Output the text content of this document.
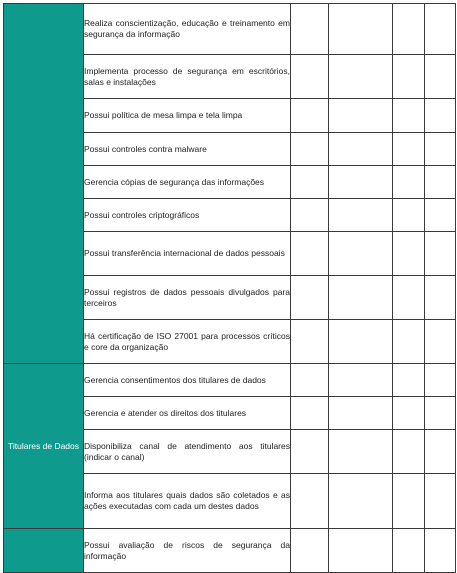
	Realiza conscientização, educação e treinamento em segurança da informação				
	Implementa processo de segurança em escritórios, salas e instalações				
	Possui política de mesa limpa e tela limpa				
	Possui controles contra malware				
	Gerencia cópias de segurança das informações				
	Possui controles criptográficos				
	Possui transferência internacional de dados pessoais				
	Possui registros de dados pessoais divulgados para terceiros				
	Há certificação de ISO 27001 para processos críticos e core da organização				
Titulares de Dados	Gerencia consentimentos dos titulares de dados				
	Gerencia e atender os direitos dos titulares				
	Disponibiliza canal de atendimento aos titulares (indicar o canal)				
	Informa aos titulares quais dados são coletados e as ações executadas com cada um destes dados				
	Possui avaliação de riscos de segurança da informação				
